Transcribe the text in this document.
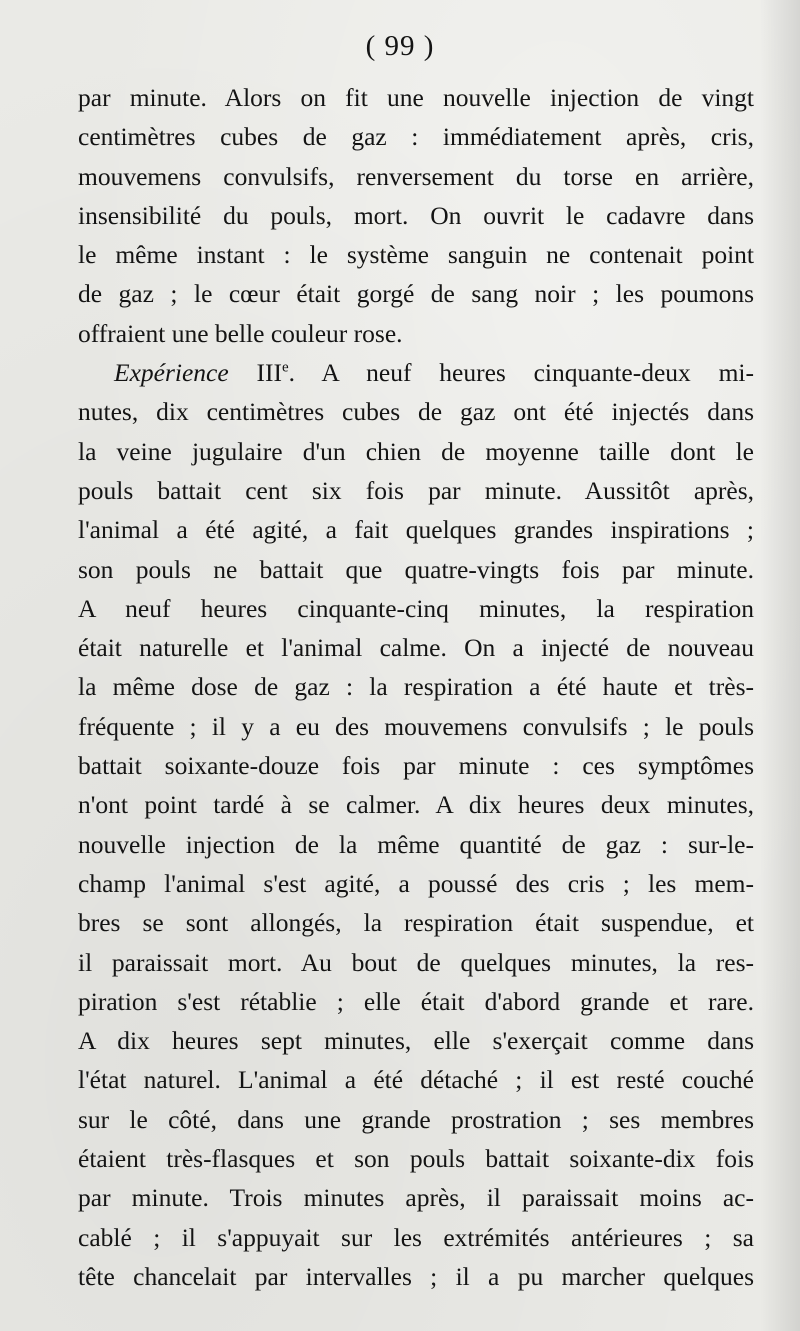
( 99 )
par minute. Alors on fit une nouvelle injection de vingt
centimètres cubes de gaz : immédiatement après, cris,
mouvemens convulsifs, renversement du torse en arrière,
insensibilité du pouls, mort. On ouvrit le cadavre dans
le même instant : le système sanguin ne contenait point
de gaz ; le cœur était gorgé de sang noir ; les poumons
offraient une belle couleur rose.
Expérience IIIe. A neuf heures cinquante-deux mi-
nutes, dix centimètres cubes de gaz ont été injectés dans
la veine jugulaire d'un chien de moyenne taille dont le
pouls battait cent six fois par minute. Aussitôt après,
l'animal a été agité, a fait quelques grandes inspirations ;
son pouls ne battait que quatre-vingts fois par minute.
A neuf heures cinquante-cinq minutes, la respiration
était naturelle et l'animal calme. On a injecté de nouveau
la même dose de gaz : la respiration a été haute et très-
fréquente ; il y a eu des mouvemens convulsifs ; le pouls
battait soixante-douze fois par minute : ces symptômes
n'ont point tardé à se calmer. A dix heures deux minutes,
nouvelle injection de la même quantité de gaz : sur-le-
champ l'animal s'est agité, a poussé des cris ; les mem-
bres se sont allongés, la respiration était suspendue, et
il paraissait mort. Au bout de quelques minutes, la res-
piration s'est rétablie ; elle était d'abord grande et rare.
A dix heures sept minutes, elle s'exerçait comme dans
l'état naturel. L'animal a été détaché ; il est resté couché
sur le côté, dans une grande prostration ; ses membres
étaient très-flasques et son pouls battait soixante-dix fois
par minute. Trois minutes après, il paraissait moins ac-
cablé ; il s'appuyait sur les extrémités antérieures ; sa
tête chancelait par intervalles ; il a pu marcher quelques
